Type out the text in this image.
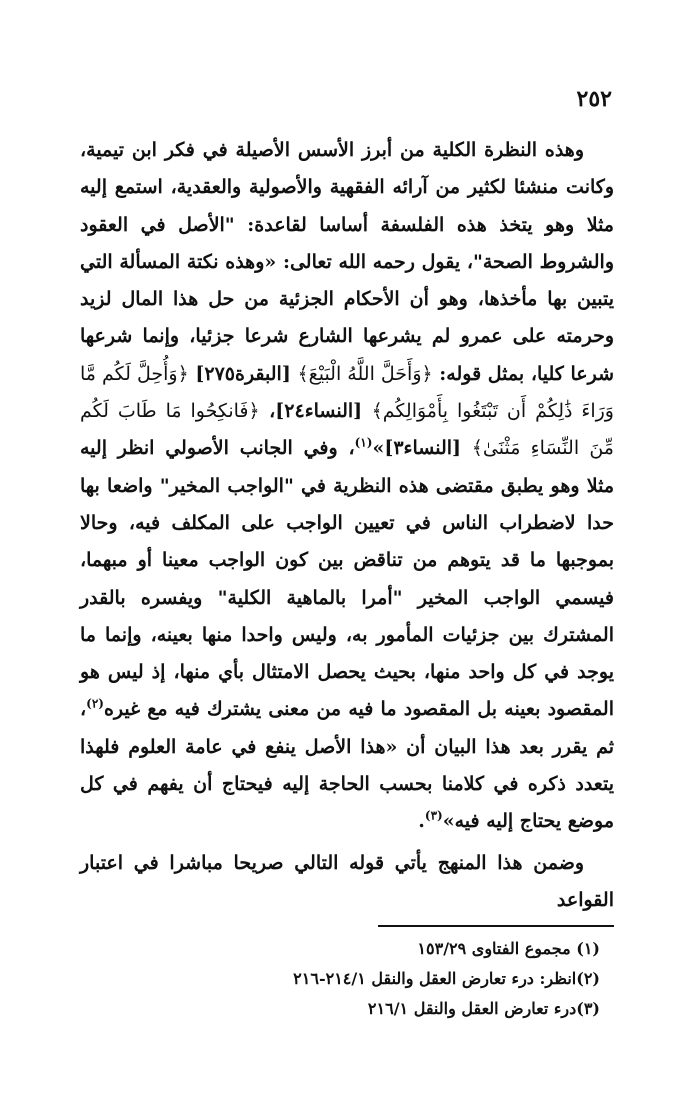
٢٥٢

وهذه النظرة الكلية من أبرز الأسس الأصيلة في فكر ابن تيمية، وكانت منشئا لكثير من آرائه الفقهية والأصولية والعقدية، استمع إليه مثلا وهو يتخذ هذه الفلسفة أساسا لقاعدة: "الأصل في العقود والشروط الصحة"، يقول رحمه الله تعالى: «وهذه نكتة المسألة التي يتبين بها مأخذها، وهو أن الأحكام الجزئية من حل هذا المال لزيد وحرمته على عمرو لم يشرعها الشارع شرعا جزئيا، وإنما شرعها شرعا كليا، بمثل قوله: ﴿وَأَحَلَّ اللَّهُ الْبَيْعَ﴾ [البقرة٢٧٥] ﴿وَأُحِلَّ لَكُم مَّا وَرَاءَ ذَٰلِكُمْ أَن تَبْتَغُوا بِأَمْوَالِكُم﴾ [النساء٢٤]، ﴿فَانكِحُوا مَا طَابَ لَكُم مِّنَ النِّسَاءِ مَثْنَىٰ﴾ [النساء٣]»$^{(١)}$، وفي الجانب الأصولي انظر إليه مثلا وهو يطبق مقتضى هذه النظرية في "الواجب المخير" واضعا بها حدا لاضطراب الناس في تعيين الواجب على المكلف فيه، وحالا بموجبها ما قد يتوهم من تناقض بين كون الواجب معينا أو مبهما، فيسمي الواجب المخير "أمرا بالماهية الكلية" ويفسره بالقدر المشترك بين جزئيات المأمور به، وليس واحدا منها بعينه، وإنما ما يوجد في كل واحد منها، بحيث يحصل الامتثال بأي منها، إذ ليس هو المقصود بعينه بل المقصود ما فيه من معنى يشترك فيه مع غيره$^{(٢)}$، ثم يقرر بعد هذا البيان أن «هذا الأصل ينفع في عامة العلوم فلهذا يتعدد ذكره في كلامنا بحسب الحاجة إليه فيحتاج أن يفهم في كل موضع يحتاج إليه فيه»$^{(٣)}$.

وضمن هذا المنهج يأتي قوله التالي صريحا مباشرا في اعتبار القواعد

(١) مجموع الفتاوى ١٥٣/٢٩
(٢)انظر: درء تعارض العقل والنقل ٢١٤/١-٢١٦
(٣)درء تعارض العقل والنقل ٢١٦/١
